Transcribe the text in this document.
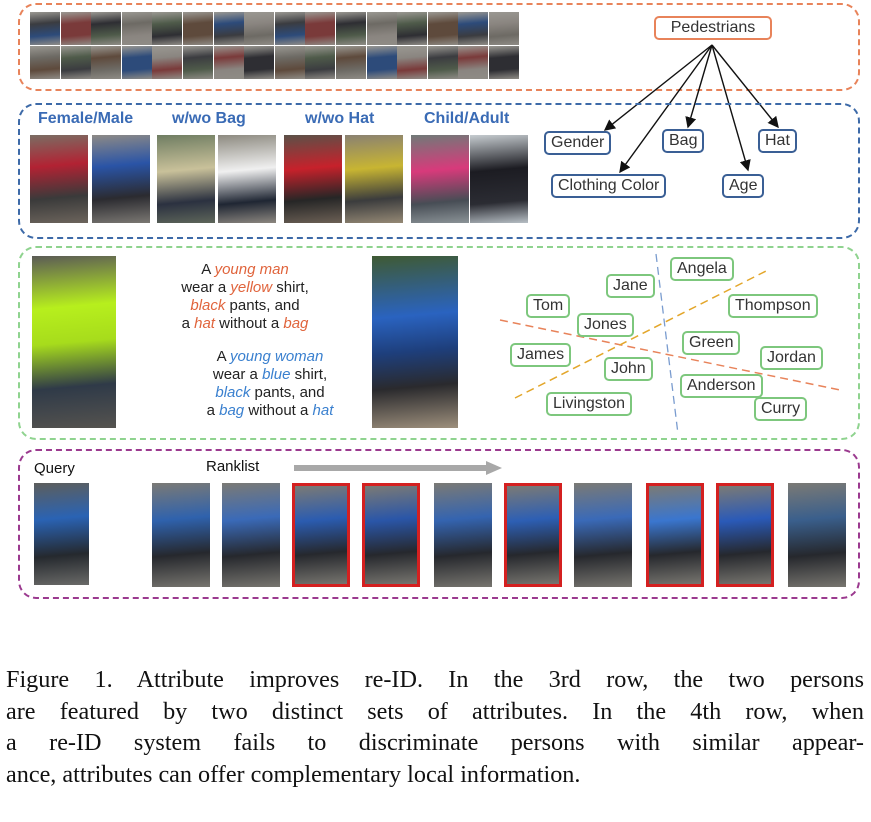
Pedestrians
Female/Male w/wo Bag	w/wo Hat	Child/Adult
Gender	Bag	Hat
Clothing Color	Age
A young man
wear a yellow shirt,
black pants, and
a hat without a bag
A young woman
wear a blue shirt,
black pants, and
a bag without a hat
Angela
Jane
Tom	Thompson
Jones
Green
James	Jordan
John
Anderson
Livingston	Curry
Query	Ranklist
Figure 1. Attribute improves re-ID. In the 3rd row, the two persons
are featured by two distinct sets of attributes. In the 4th row, when
a re-ID system fails to discriminate persons with similar appear-
ance, attributes can offer complementary local information.
